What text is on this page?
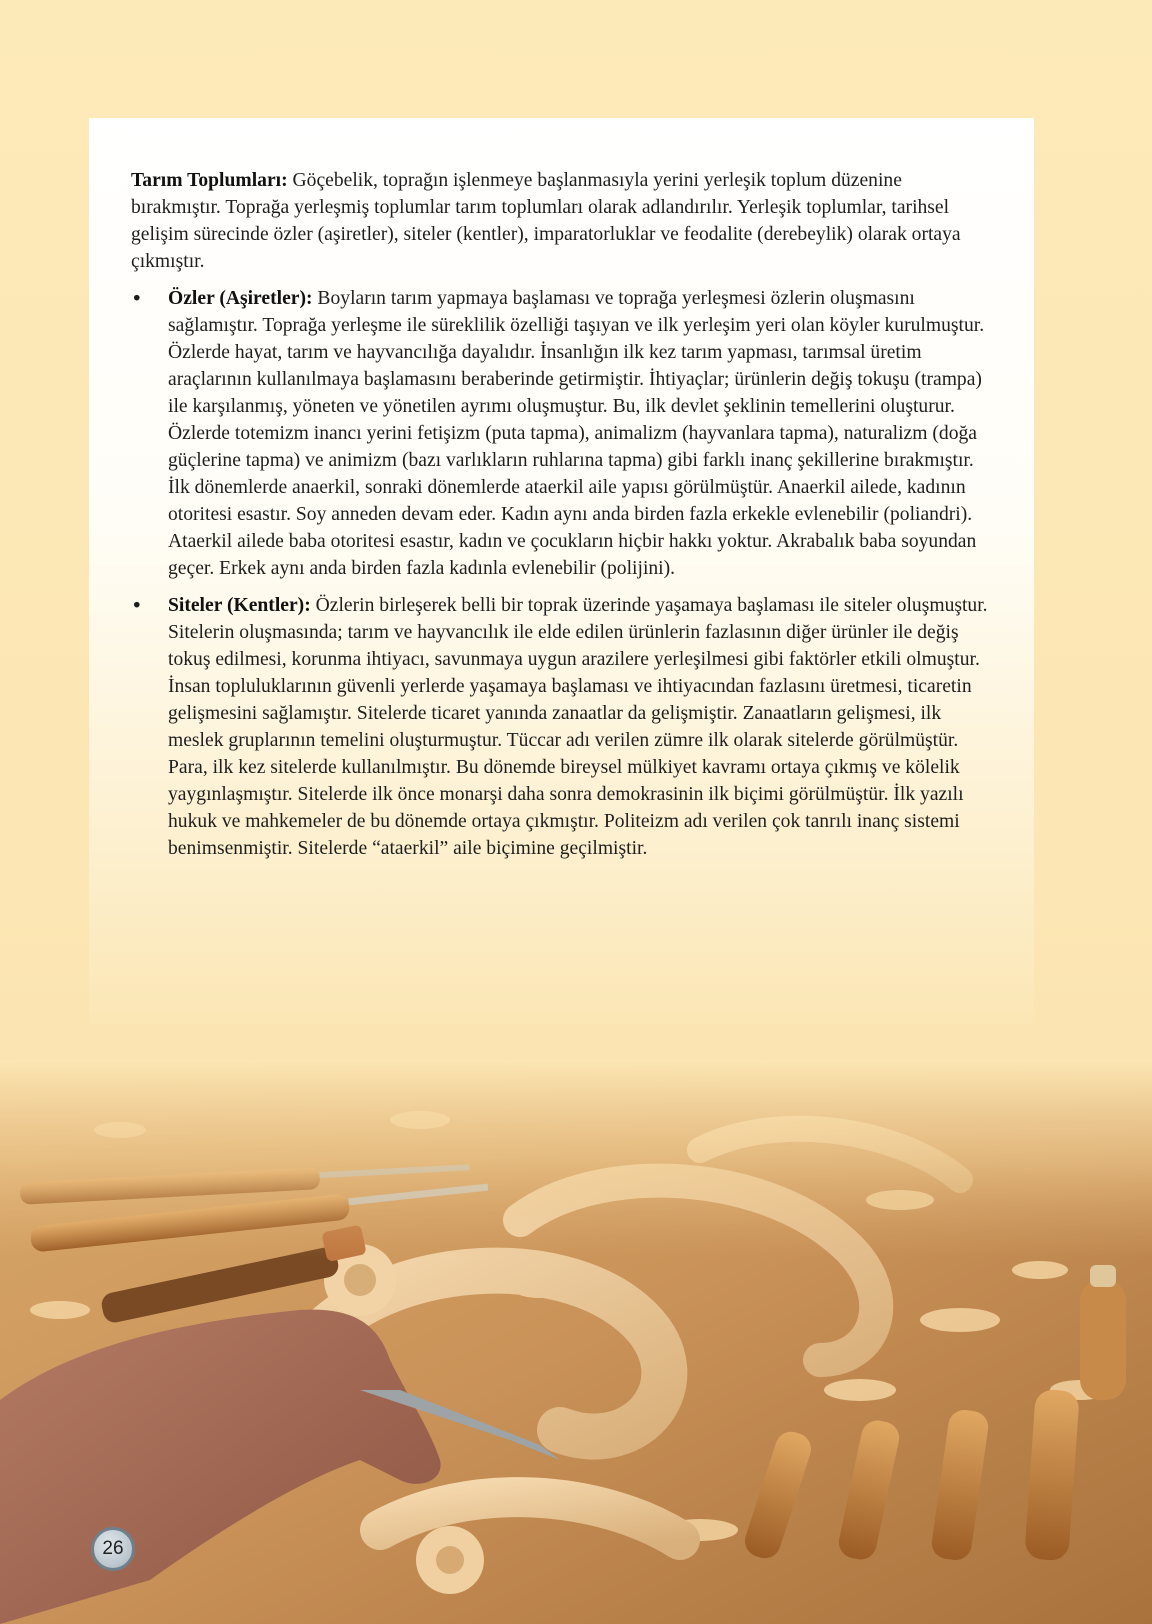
Tarım Toplumları: Göçebelik, toprağın işlenmeye başlanmasıyla yerini yerleşik toplum düzenine bırakmıştır. Toprağa yerleşmiş toplumlar tarım toplumları olarak adlandırılır. Yerleşik toplumlar, tarihsel gelişim sürecinde özler (aşiretler), siteler (kentler), imparatorluklar ve feodalite (derebeylik) olarak ortaya çıkmıştır.

•	Özler (Aşiretler): Boyların tarım yapmaya başlaması ve toprağa yerleşmesi özlerin oluşmasını sağlamıştır. Toprağa yerleşme ile süreklilik özelliği taşıyan ve ilk yerleşim yeri olan köyler kurulmuştur. Özlerde hayat, tarım ve hayvancılığa dayalıdır. İnsanlığın ilk kez tarım yapması, tarımsal üretim araçlarının kullanılmaya başlamasını beraberinde getirmiştir. İhtiyaçlar; ürünlerin değiş tokuşu (trampa) ile karşılanmış, yöneten ve yönetilen ayrımı oluşmuştur. Bu, ilk devlet şeklinin temellerini oluşturur. Özlerde totemizm inancı yerini fetişizm (puta tapma), animalizm (hayvanlara tapma), naturalizm (doğa güçlerine tapma) ve animizm (bazı varlıkların ruhlarına tapma) gibi farklı inanç şekillerine bırakmıştır. İlk dönemlerde anaerkil, sonraki dönemlerde ataerkil aile yapısı görülmüştür. Anaerkil ailede, kadının otoritesi esastır. Soy anneden devam eder. Kadın aynı anda birden fazla erkekle evlenebilir (poliandri). Ataerkil ailede baba otoritesi esastır, kadın ve çocukların hiçbir hakkı yoktur. Akrabalık baba soyundan geçer. Erkek aynı anda birden fazla kadınla evlenebilir (polijini).

•	Siteler (Kentler): Özlerin birleşerek belli bir toprak üzerinde yaşamaya başlaması ile siteler oluşmuştur. Sitelerin oluşmasında; tarım ve hayvancılık ile elde edilen ürünlerin fazlasının diğer ürünler ile değiş tokuş edilmesi, korunma ihtiyacı, savunmaya uygun arazilere yerleşilmesi gibi faktörler etkili olmuştur. İnsan topluluklarının güvenli yerlerde yaşamaya başlaması ve ihtiyacından fazlasını üretmesi, ticaretin gelişmesini sağlamıştır. Sitelerde ticaret yanında zanaatlar da gelişmiştir. Zanaatların gelişmesi, ilk meslek gruplarının temelini oluşturmuştur. Tüccar adı verilen zümre ilk olarak sitelerde görülmüştür. Para, ilk kez sitelerde kullanılmıştır. Bu dönemde bireysel mülkiyet kavramı ortaya çıkmış ve kölelik yaygınlaşmıştır. Sitelerde ilk önce monarşi daha sonra demokrasinin ilk biçimi görülmüştür. İlk yazılı hukuk ve mahkemeler de bu dönemde ortaya çıkmıştır. Politeizm adı verilen çok tanrılı inanç sistemi benimsenmiştir. Sitelerde “ataerkil” aile biçimine geçilmiştir.

26
